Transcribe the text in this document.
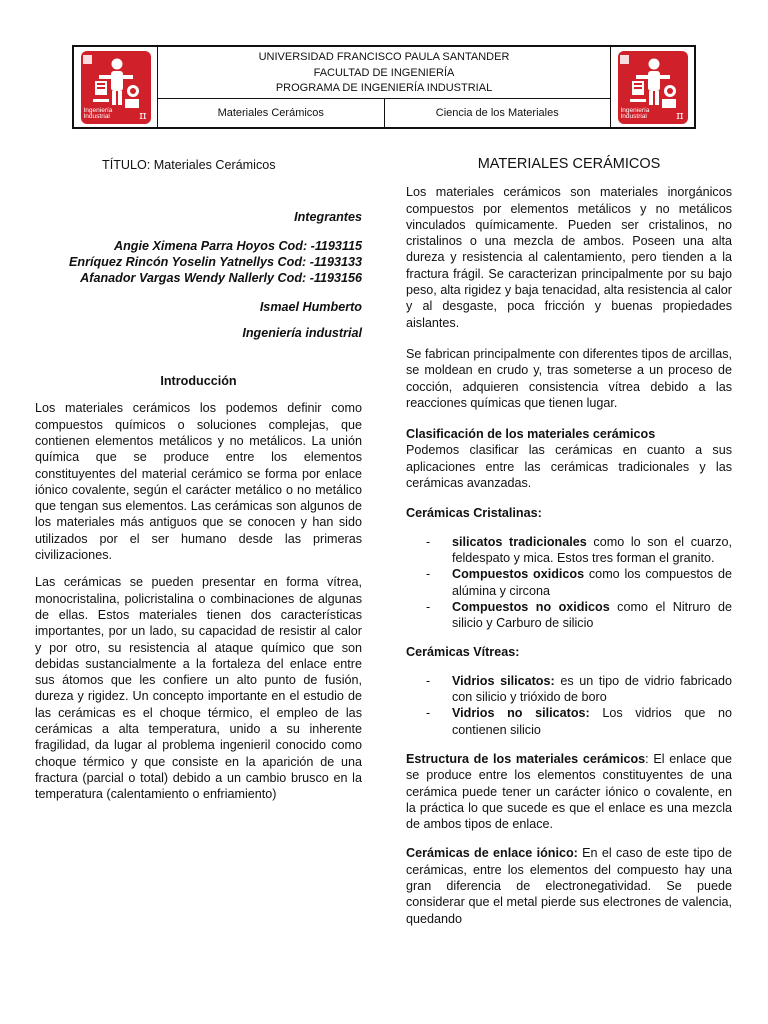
Ingeniería
Industrial	π
UNIVERSIDAD FRANCISCO PAULA SANTANDER
FACULTAD DE INGENIERÍA
PROGRAMA DE INGENIERÍA INDUSTRIAL
Materiales Cerámicos	Ciencia de los Materiales	Ingeniería
Industrial	π

TÍTULO: Materiales Cerámicos

Integrantes

Angie Ximena Parra Hoyos Cod: -1193115

Enríquez Rincón Yoselin Yatnellys Cod: -1193133

Afanador Vargas Wendy Nallerly Cod: -1193156

Ismael Humberto

Ingeniería industrial

Introducción

Los materiales cerámicos los podemos definir como compuestos químicos o soluciones complejas, que contienen elementos metálicos y no metálicos. La unión química que se produce entre los elementos constituyentes del material cerámico se forma por enlace iónico covalente, según el carácter metálico o no metálico que tengan sus elementos. Las cerámicas son algunos de los materiales más antiguos que se conocen y han sido utilizados por el ser humano desde las primeras civilizaciones.

Las cerámicas se pueden presentar en forma vítrea, monocristalina, policristalina o combinaciones de algunas de ellas. Estos materiales tienen dos características importantes, por un lado, su capacidad de resistir al calor y por otro, su resistencia al ataque químico que son debidas sustancialmente a la fortaleza del enlace entre sus átomos que les confiere un alto punto de fusión, dureza y rigidez. Un concepto importante en el estudio de las cerámicas es el choque térmico, el empleo de las cerámicas a alta temperatura, unido a su inherente fragilidad, da lugar al problema ingenieril conocido como choque térmico y que consiste en la aparición de una fractura (parcial o total) debido a un cambio brusco en la temperatura (calentamiento o enfriamiento)

MATERIALES CERÁMICOS

Los materiales cerámicos son materiales inorgánicos compuestos por elementos metálicos y no metálicos vinculados químicamente. Pueden ser cristalinos, no cristalinos o una mezcla de ambos. Poseen una alta dureza y resistencia al calentamiento, pero tienden a la fractura frágil. Se caracterizan principalmente por su bajo peso, alta rigidez y baja tenacidad, alta resistencia al calor y al desgaste, poca fricción y buenas propiedades aislantes.

Se fabrican principalmente con diferentes tipos de arcillas, se moldean en crudo y, tras someterse a un proceso de cocción, adquieren consistencia vítrea debido a las reacciones químicas que tienen lugar.

Clasificación de los materiales cerámicos
Podemos clasificar las cerámicas en cuanto a sus aplicaciones entre las cerámicas tradicionales y las cerámicas avanzadas.

Cerámicas Cristalinas:

- silicatos tradicionales como lo son el cuarzo, feldespato y mica. Estos tres forman el granito.
- Compuestos oxidicos como los compuestos de alúmina y circona
- Compuestos no oxidicos como el Nitruro de silicio y Carburo de silicio

Cerámicas Vítreas:

- Vidrios silicatos: es un tipo de vidrio fabricado con silicio y trióxido de boro
- Vidrios no silicatos: Los vidrios que no contienen silicio

Estructura de los materiales cerámicos: El enlace que se produce entre los elementos constituyentes de una cerámica puede tener un carácter iónico o covalente, en la práctica lo que sucede es que el enlace es una mezcla de ambos tipos de enlace.

Cerámicas de enlace iónico: En el caso de este tipo de cerámicas, entre los elementos del compuesto hay una gran diferencia de electronegatividad. Se puede considerar que el metal pierde sus electrones de valencia, quedando
